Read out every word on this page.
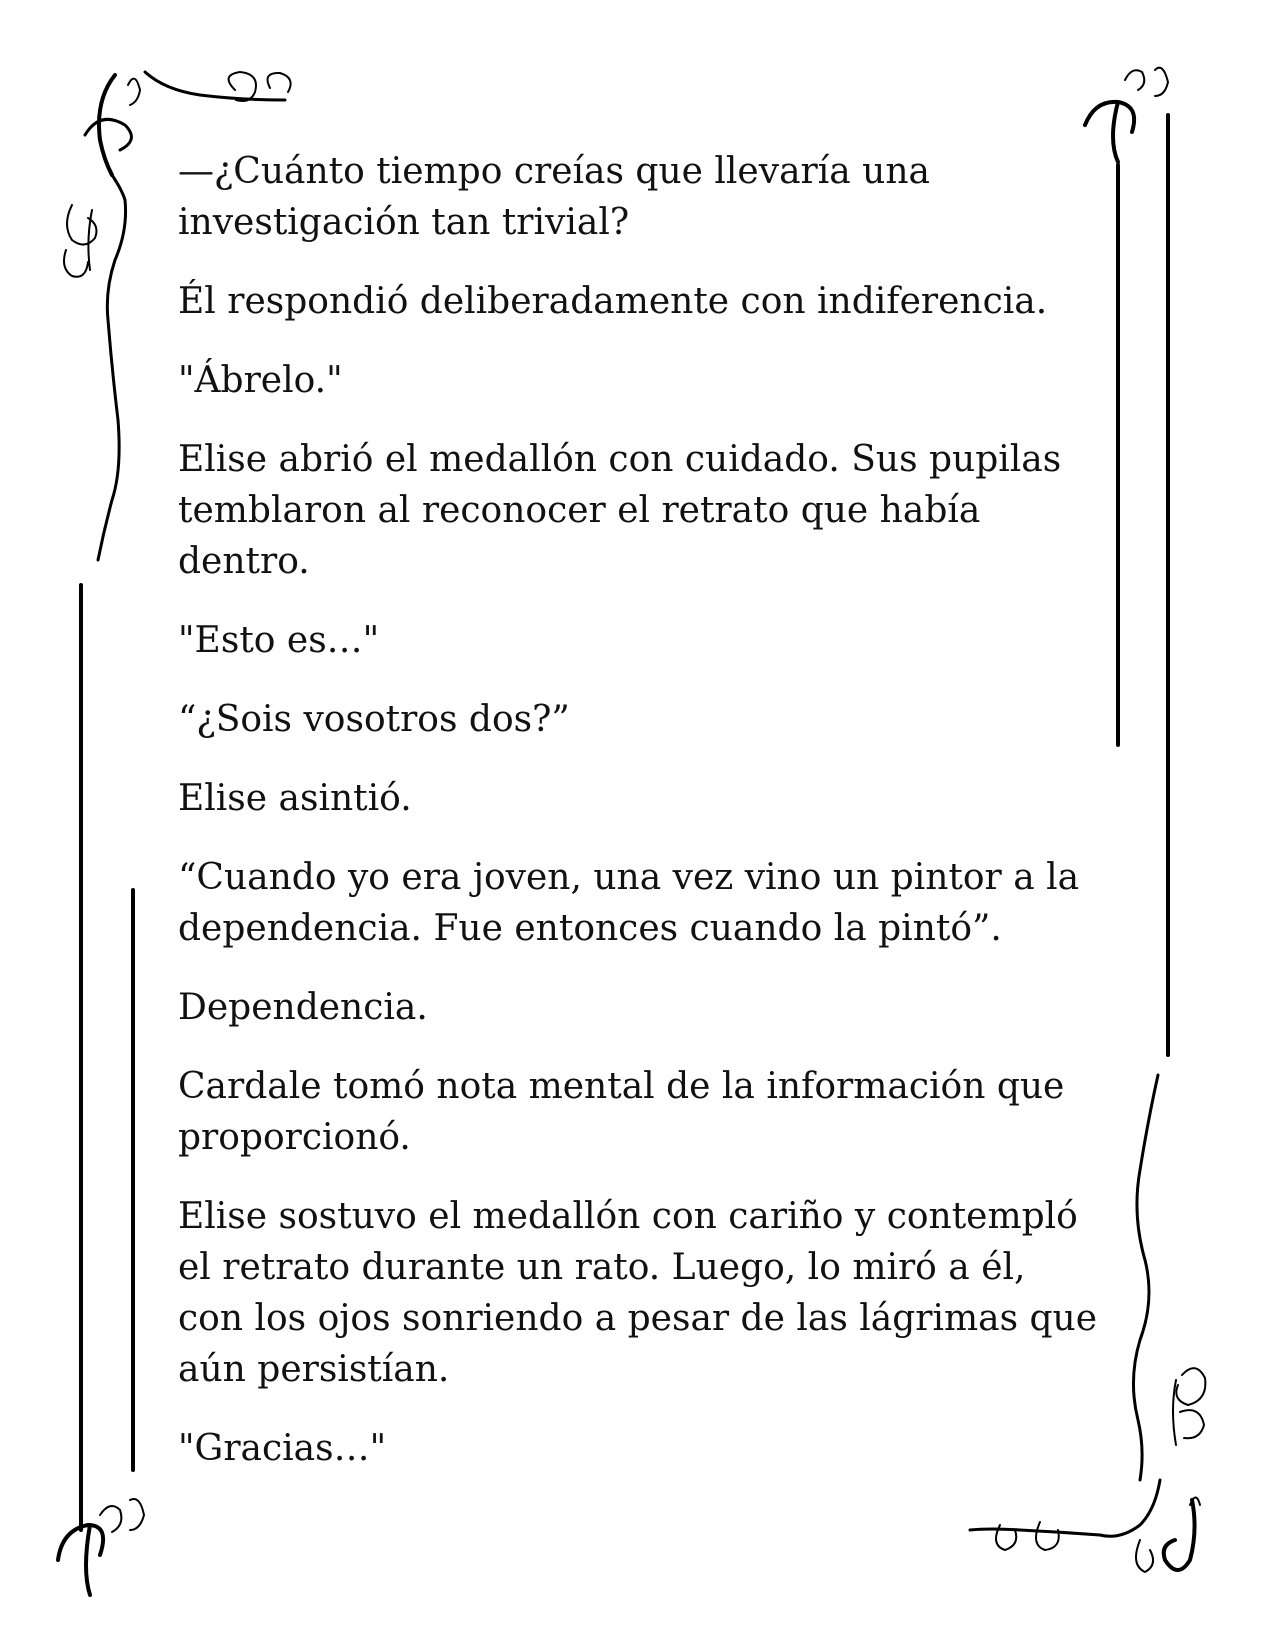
—¿Cuánto tiempo creías que llevaría una investigación tan trivial?

Él respondió deliberadamente con indiferencia.

"Ábrelo."

Elise abrió el medallón con cuidado. Sus pupilas temblaron al reconocer el retrato que había dentro.

"Esto es…"

“¿Sois vosotros dos?”

Elise asintió.

“Cuando yo era joven, una vez vino un pintor a la dependencia. Fue entonces cuando la pintó”.

Dependencia.

Cardale tomó nota mental de la información que proporcionó.

Elise sostuvo el medallón con cariño y contempló el retrato durante un rato. Luego, lo miró a él, con los ojos sonriendo a pesar de las lágrimas que aún persistían.

"Gracias…"
